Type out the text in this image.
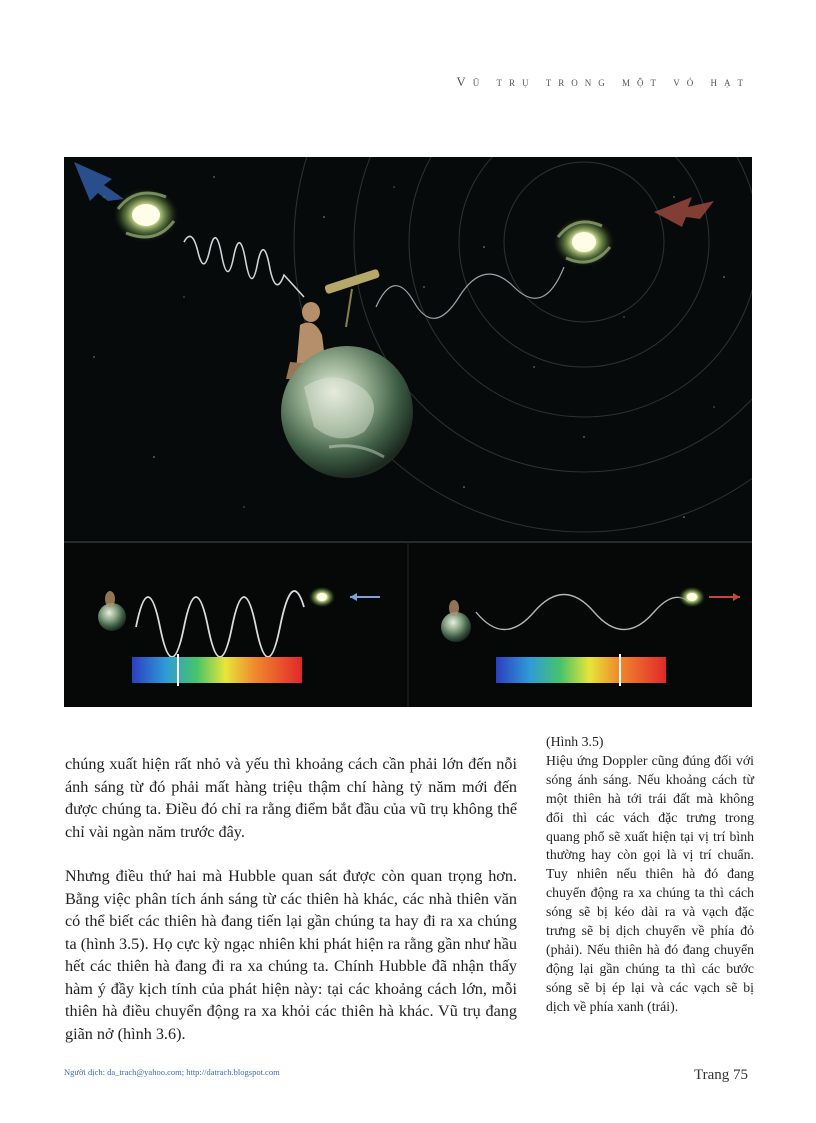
Vũ trụ trong một vỏ hạt
(Hình 3.5)
Hiệu ứng Doppler cũng đúng đối với sóng ánh sáng. Nếu khoảng cách từ một thiên hà tới trái đất mà không đổi thì các vách đặc trưng trong quang phổ sẽ xuất hiện tại vị trí bình thường hay còn gọi là vị trí chuẩn. Tuy nhiên nếu thiên hà đó đang chuyển động ra xa chúng ta thì cách sóng sẽ bị kéo dài ra và vạch đặc trưng sẽ bị dịch chuyển về phía đỏ (phải). Nếu thiên hà đó đang chuyển động lại gần chúng ta thì các bước sóng sẽ bị ép lại và các vạch sẽ bị dịch về phía xanh (trái).

chúng xuất hiện rất nhỏ và yếu thì khoảng cách cần phải lớn đến nỗi ánh sáng từ đó phải mất hàng triệu thậm chí hàng tỷ năm mới đến được chúng ta. Điều đó chỉ ra rằng điểm bắt đầu của vũ trụ không thể chỉ vài ngàn năm trước đây.

Nhưng điều thứ hai mà Hubble quan sát được còn quan trọng hơn. Bằng việc phân tích ánh sáng từ các thiên hà khác, các nhà thiên văn có thể biết các thiên hà đang tiến lại gần chúng ta hay đi ra xa chúng ta (hình 3.5). Họ cực kỳ ngạc nhiên khi phát hiện ra rằng gần như hầu hết các thiên hà đang đi ra xa chúng ta. Chính Hubble đã nhận thấy hàm ý đầy kịch tính của phát hiện này: tại các khoảng cách lớn, mỗi thiên hà điều chuyển động ra xa khỏi các thiên hà khác. Vũ trụ đang giãn nở (hình 3.6).

Người dịch: da_trach@yahoo.com; http://datrach.blogspot.com	Trang 75
